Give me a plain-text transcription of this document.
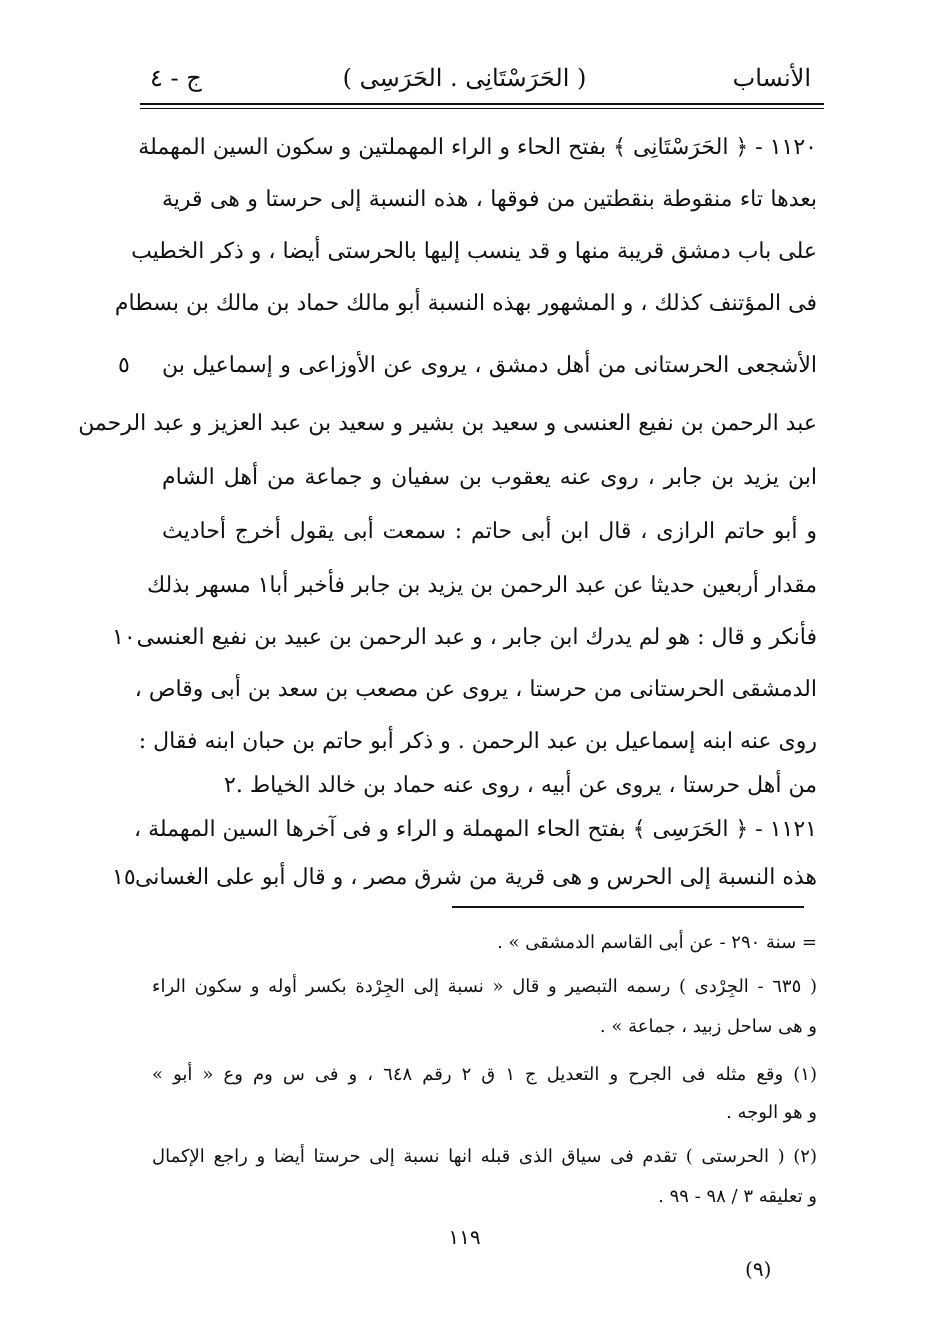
الأنساب
( الحَرَسْتَانِى . الحَرَسِى )
ج - ٤
١١٢٠ - ﴿ الحَرَسْتَانِى ﴾ بفتح الحاء و الراء المهملتين و سكون السين المهملة
بعدها تاء منقوطة بنقطتين من فوقها ، هذه النسبة إلى حرستا و هى قرية
على باب دمشق قريبة منها و قد ينسب إليها بالحرستى أيضا ، و ذكر الخطيب
فى المؤتنف كذلك ، و المشهور بهذه النسبة أبو مالك حماد بن مالك بن بسطام
الأشجعى الحرستانى من أهل دمشق ، يروى عن الأوزاعى و إسماعيل بن
عبد الرحمن بن نفيع العنسى و سعيد بن بشير و سعيد بن عبد العزيز و عبد الرحمن
ابن يزيد بن جابر ، روى عنه يعقوب بن سفيان و جماعة من أهل الشام
و أبو حاتم الرازى ، قال ابن أبى حاتم : سمعت أبى يقول أخرج أحاديث
مقدار أربعين حديثا عن عبد الرحمن بن يزيد بن جابر فأخبر أبا١ مسهر بذلك
فأنكر و قال : هو لم يدرك ابن جابر ، و عبد الرحمن بن عبيد بن نفيع العنسى
الدمشقى الحرستانى من حرستا ، يروى عن مصعب بن سعد بن أبى وقاص ،
روى عنه ابنه إسماعيل بن عبد الرحمن . و ذكر أبو حاتم بن حبان ابنه فقال :
من أهل حرستا ، يروى عن أبيه ، روى عنه حماد بن خالد الخياط .٢
١١٢١ - ﴿ الحَرَسِى ﴾ بفتح الحاء المهملة و الراء و فى آخرها السين المهملة ،
هذه النسبة إلى الحرس و هى قرية من شرق مصر ، و قال أبو على الغسانى
٥
١٠
١٥
= سنة ٢٩٠ - عن أبى القاسم الدمشقى » .
( ٦٣٥ - الجِرْدى ) رسمه التبصير و قال « نسبة إلى الجِرْدة بكسر أوله و سكون الراء
و هى ساحل زبيد ، جماعة » .
(١) وقع مثله فى الجرح و التعديل ج ١ ق ٢ رقم ٦٤٨ ، و فى س وم وع « أبو »
و هو الوجه .
(٢) ( الحرستى ) تقدم فى سياق الذى قبله انها نسبة إلى حرستا أيضا و راجع الإكمال
و تعليقه ٣ / ٩٨ - ٩٩ .
١١٩
(٩)
